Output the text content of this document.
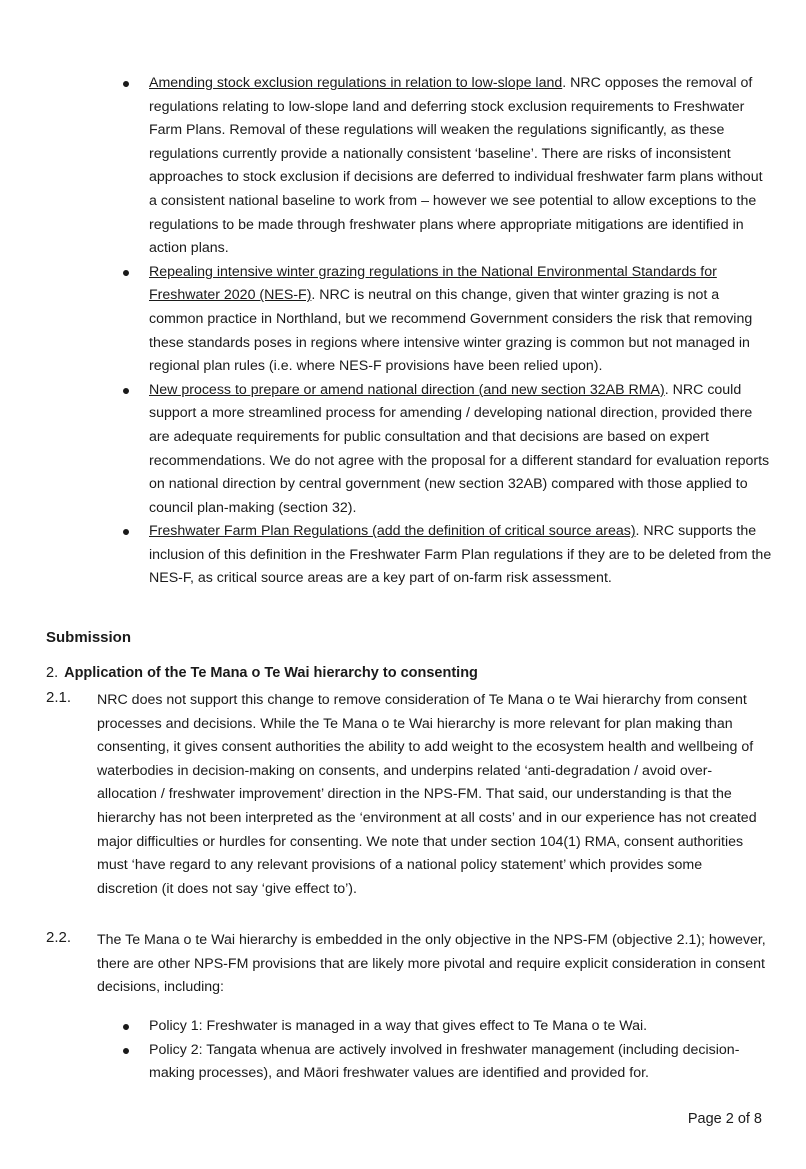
Amending stock exclusion regulations in relation to low-slope land. NRC opposes the removal of regulations relating to low-slope land and deferring stock exclusion requirements to Freshwater Farm Plans. Removal of these regulations will weaken the regulations significantly, as these regulations currently provide a nationally consistent ‘baseline’. There are risks of inconsistent approaches to stock exclusion if decisions are deferred to individual freshwater farm plans without a consistent national baseline to work from – however we see potential to allow exceptions to the regulations to be made through freshwater plans where appropriate mitigations are identified in action plans.
Repealing intensive winter grazing regulations in the National Environmental Standards for Freshwater 2020 (NES-F). NRC is neutral on this change, given that winter grazing is not a common practice in Northland, but we recommend Government considers the risk that removing these standards poses in regions where intensive winter grazing is common but not managed in regional plan rules (i.e. where NES-F provisions have been relied upon).
New process to prepare or amend national direction (and new section 32AB RMA). NRC could support a more streamlined process for amending / developing national direction, provided there are adequate requirements for public consultation and that decisions are based on expert recommendations. We do not agree with the proposal for a different standard for evaluation reports on national direction by central government (new section 32AB) compared with those applied to council plan-making (section 32).
Freshwater Farm Plan Regulations (add the definition of critical source areas). NRC supports the inclusion of this definition in the Freshwater Farm Plan regulations if they are to be deleted from the NES-F, as critical source areas are a key part of on-farm risk assessment.
Submission
2. Application of the Te Mana o Te Wai hierarchy to consenting
2.1. NRC does not support this change to remove consideration of Te Mana o te Wai hierarchy from consent processes and decisions. While the Te Mana o te Wai hierarchy is more relevant for plan making than consenting, it gives consent authorities the ability to add weight to the ecosystem health and wellbeing of waterbodies in decision-making on consents, and underpins related ‘anti-degradation / avoid over-allocation / freshwater improvement’ direction in the NPS-FM. That said, our understanding is that the hierarchy has not been interpreted as the ‘environment at all costs’ and in our experience has not created major difficulties or hurdles for consenting. We note that under section 104(1) RMA, consent authorities must ‘have regard to any relevant provisions of a national policy statement’ which provides some discretion (it does not say ‘give effect to’).
2.2. The Te Mana o te Wai hierarchy is embedded in the only objective in the NPS-FM (objective 2.1); however, there are other NPS-FM provisions that are likely more pivotal and require explicit consideration in consent decisions, including:
Policy 1: Freshwater is managed in a way that gives effect to Te Mana o te Wai.
Policy 2: Tangata whenua are actively involved in freshwater management (including decision-making processes), and Māori freshwater values are identified and provided for.
Page 2 of 8
